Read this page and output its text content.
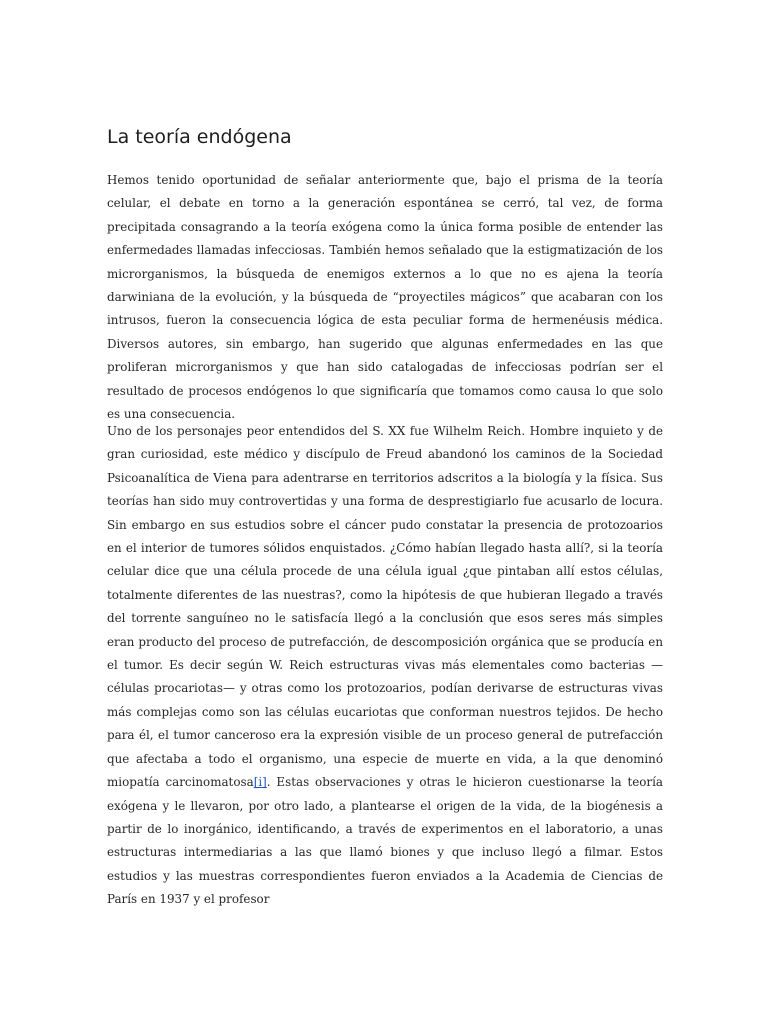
La teoría endógena

Hemos tenido oportunidad de señalar anteriormente que, bajo el prisma de la teoría celular, el debate en torno a la generación espontánea se cerró, tal vez, de forma precipitada consagrando a la teoría exógena como la única forma posible de entender las enfermedades llamadas infecciosas. También hemos señalado que la estigmatización de los microrganismos, la búsqueda de enemigos externos a lo que no es ajena la teoría darwiniana de la evolución, y la búsqueda de “proyectiles mágicos” que acabaran con los intrusos, fueron la consecuencia lógica de esta peculiar forma de hermenéusis médica. Diversos autores, sin embargo, han sugerido que algunas enfermedades en las que proliferan microrganismos y que han sido catalogadas de infecciosas podrían ser el resultado de procesos endógenos lo que significaría que tomamos como causa lo que solo es una consecuencia.

Uno de los personajes peor entendidos del S. XX fue Wilhelm Reich. Hombre inquieto y de gran curiosidad, este médico y discípulo de Freud abandonó los caminos de la Sociedad Psicoanalítica de Viena para adentrarse en territorios adscritos a la biología y la física. Sus teorías han sido muy controvertidas y una forma de desprestigiarlo fue acusarlo de locura. Sin embargo en sus estudios sobre el cáncer pudo constatar la presencia de protozoarios en el interior de tumores sólidos enquistados. ¿Cómo habían llegado hasta allí?, si la teoría celular dice que una célula procede de una célula igual ¿que pintaban allí estos células, totalmente diferentes de las nuestras?, como la hipótesis de que hubieran llegado a través del torrente sanguíneo no le satisfacía llegó a la conclusión que esos seres más simples eran producto del proceso de putrefacción, de descomposición orgánica que se producía en el tumor. Es decir según W. Reich estructuras vivas más elementales como bacterias —células procariotas— y otras como los protozoarios, podían derivarse de estructuras vivas más complejas como son las células eucariotas que conforman nuestros tejidos. De hecho para él, el tumor canceroso era la expresión visible de un proceso general de putrefacción que afectaba a todo el organismo, una especie de muerte en vida, a la que denominó miopatía carcinomatosa[i]. Estas observaciones y otras le hicieron cuestionarse la teoría exógena y le llevaron, por otro lado, a plantearse el origen de la vida, de la biogénesis a partir de lo inorgánico, identificando, a través de experimentos en el laboratorio, a unas estructuras intermediarias a las que llamó biones y que incluso llegó a filmar. Estos estudios y las muestras correspondientes fueron enviados a la Academia de Ciencias de París en 1937 y el profesor
